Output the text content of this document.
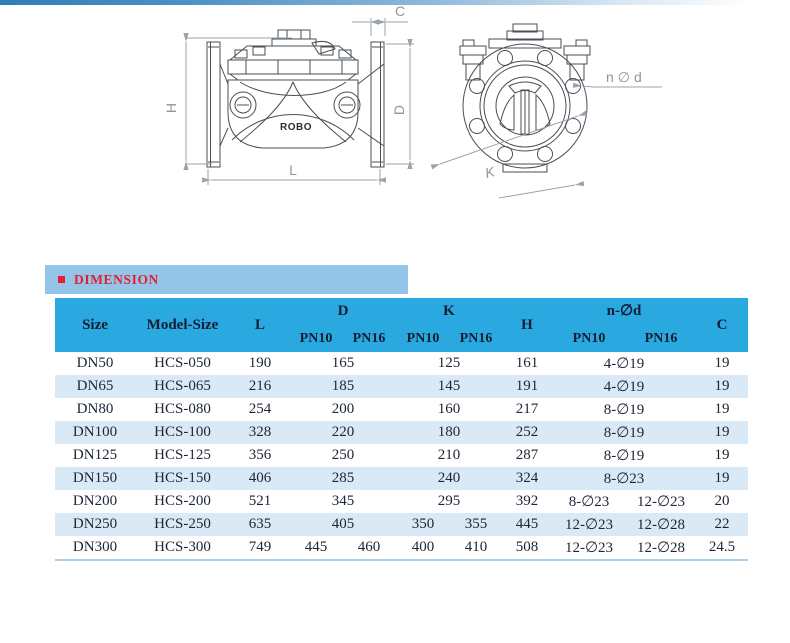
ROBO
H
L
C
D
K
n∅d
DIMENSION
Size	Model-Size	L	D		K		H	n-∅d		C
			PN10	PN16	PN10	PN16		PN10	PN16	
DN50	HCS-050	190	165		125		161	4-∅19		19
DN65	HCS-065	216	185		145		191	4-∅19		19
DN80	HCS-080	254	200		160		217	8-∅19		19
DN100	HCS-100	328	220		180		252	8-∅19		19
DN125	HCS-125	356	250		210		287	8-∅19		19
DN150	HCS-150	406	285		240		324	8-∅23		19
DN200	HCS-200	521	345		295		392	8-∅23	12-∅23	20
DN250	HCS-250	635	405		350	355	445	12-∅23	12-∅28	22
DN300	HCS-300	749	445	460	400	410	508	12-∅23	12-∅28	24.5
